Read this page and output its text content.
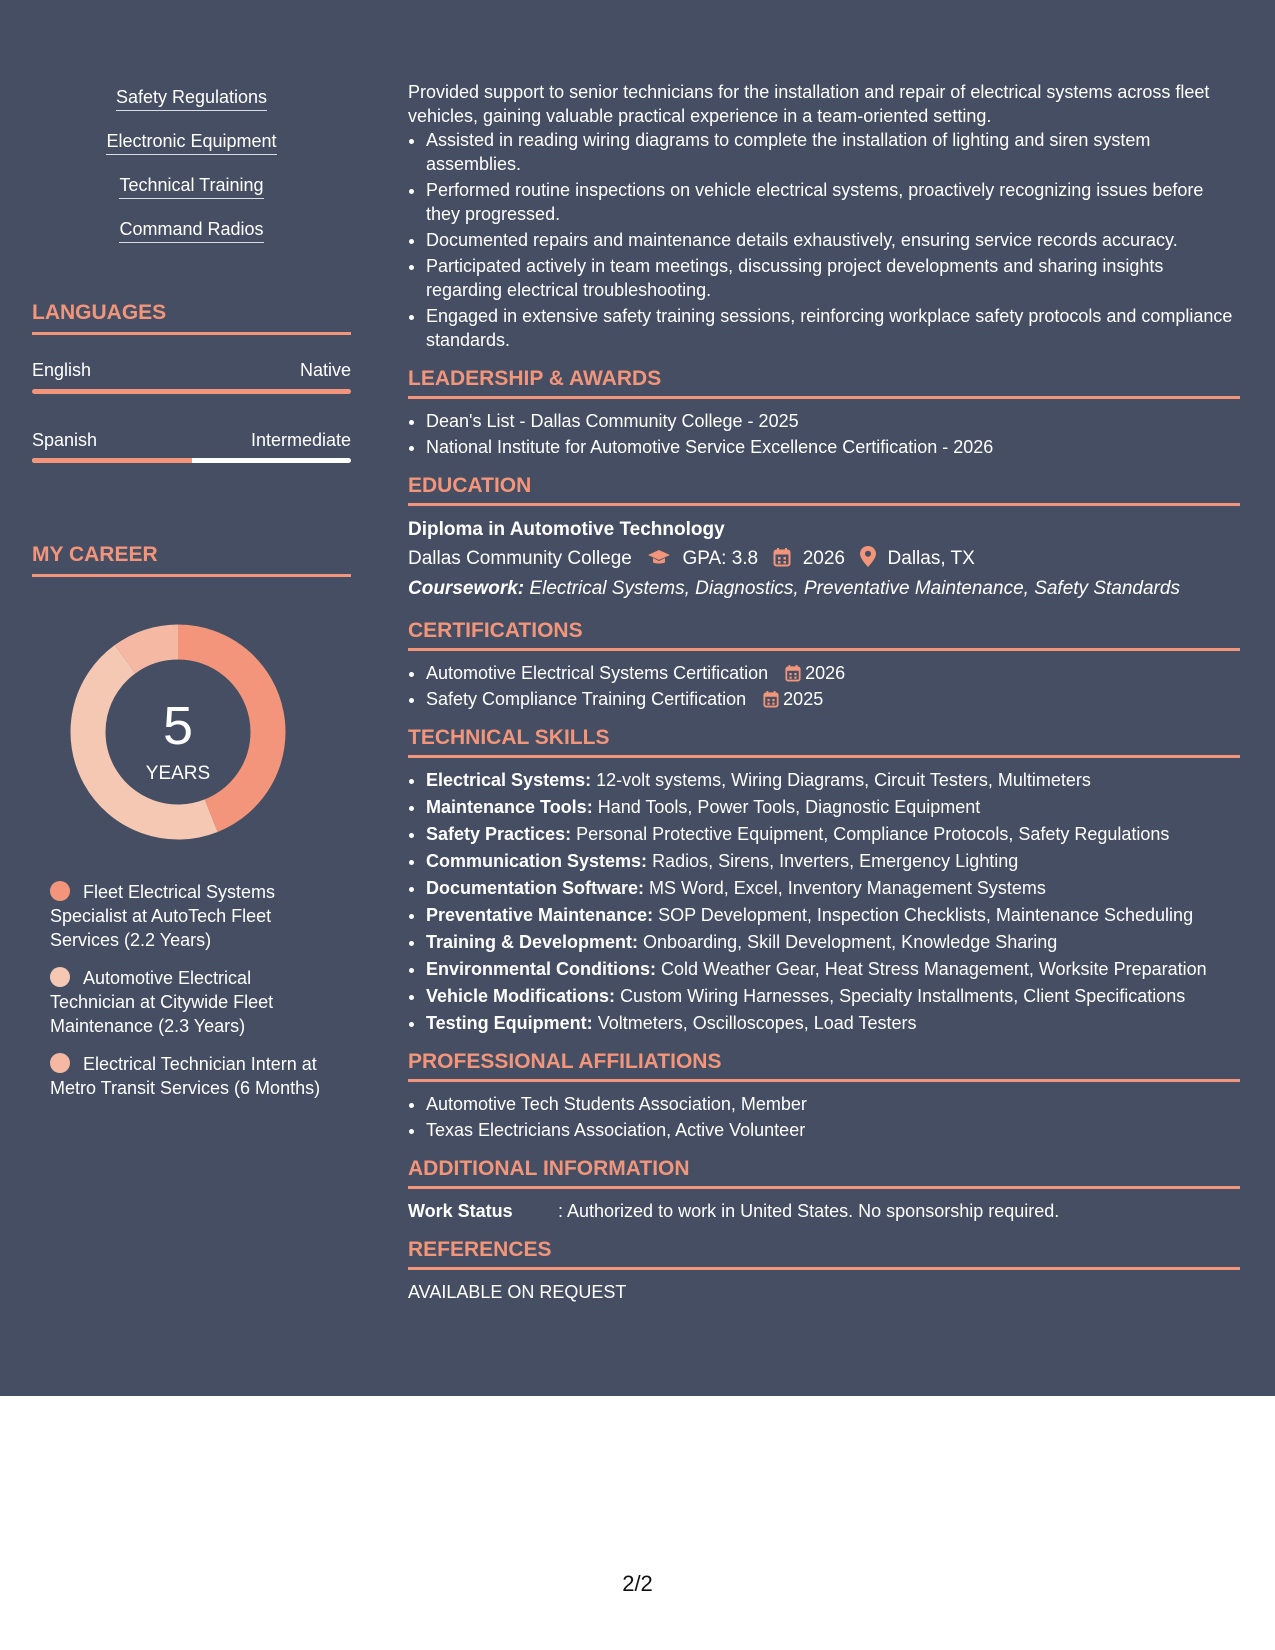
Safety Regulations
Electronic Equipment
Technical Training
Command Radios
LANGUAGES
English	Native
Spanish	Intermediate
MY CAREER
5
YEARS
Fleet Electrical Systems Specialist at AutoTech Fleet Services (2.2 Years)
Automotive Electrical Technician at Citywide Fleet Maintenance (2.3 Years)
Electrical Technician Intern at Metro Transit Services (6 Months)

Provided support to senior technicians for the installation and repair of electrical systems across fleet vehicles, gaining valuable practical experience in a team-oriented setting.

• Assisted in reading wiring diagrams to complete the installation of lighting and siren system assemblies.
• Performed routine inspections on vehicle electrical systems, proactively recognizing issues before they progressed.
• Documented repairs and maintenance details exhaustively, ensuring service records accuracy.
• Participated actively in team meetings, discussing project developments and sharing insights regarding electrical troubleshooting.
• Engaged in extensive safety training sessions, reinforcing workplace safety protocols and compliance standards.
LEADERSHIP & AWARDS
• Dean's List - Dallas Community College - 2025
• National Institute for Automotive Service Excellence Certification - 2026
EDUCATION
Diploma in Automotive Technology
Dallas Community College	GPA: 3.8 2026 Dallas, TX
Coursework: Electrical Systems, Diagnostics, Preventative Maintenance, Safety Standards
CERTIFICATIONS
• Automotive Electrical Systems Certification 2026
• Safety Compliance Training Certification 2025
TECHNICAL SKILLS
• Electrical Systems: 12-volt systems, Wiring Diagrams, Circuit Testers, Multimeters
• Maintenance Tools: Hand Tools, Power Tools, Diagnostic Equipment
• Safety Practices: Personal Protective Equipment, Compliance Protocols, Safety Regulations
• Communication Systems: Radios, Sirens, Inverters, Emergency Lighting
• Documentation Software: MS Word, Excel, Inventory Management Systems
• Preventative Maintenance: SOP Development, Inspection Checklists, Maintenance Scheduling
• Training & Development: Onboarding, Skill Development, Knowledge Sharing
• Environmental Conditions: Cold Weather Gear, Heat Stress Management, Worksite Preparation
• Vehicle Modifications: Custom Wiring Harnesses, Specialty Installments, Client Specifications
• Testing Equipment: Voltmeters, Oscilloscopes, Load Testers
PROFESSIONAL AFFILIATIONS
• Automotive Tech Students Association, Member
• Texas Electricians Association, Active Volunteer
ADDITIONAL INFORMATION
Work Status	: Authorized to work in United States. No sponsorship required.
REFERENCES
AVAILABLE ON REQUEST
2/2
